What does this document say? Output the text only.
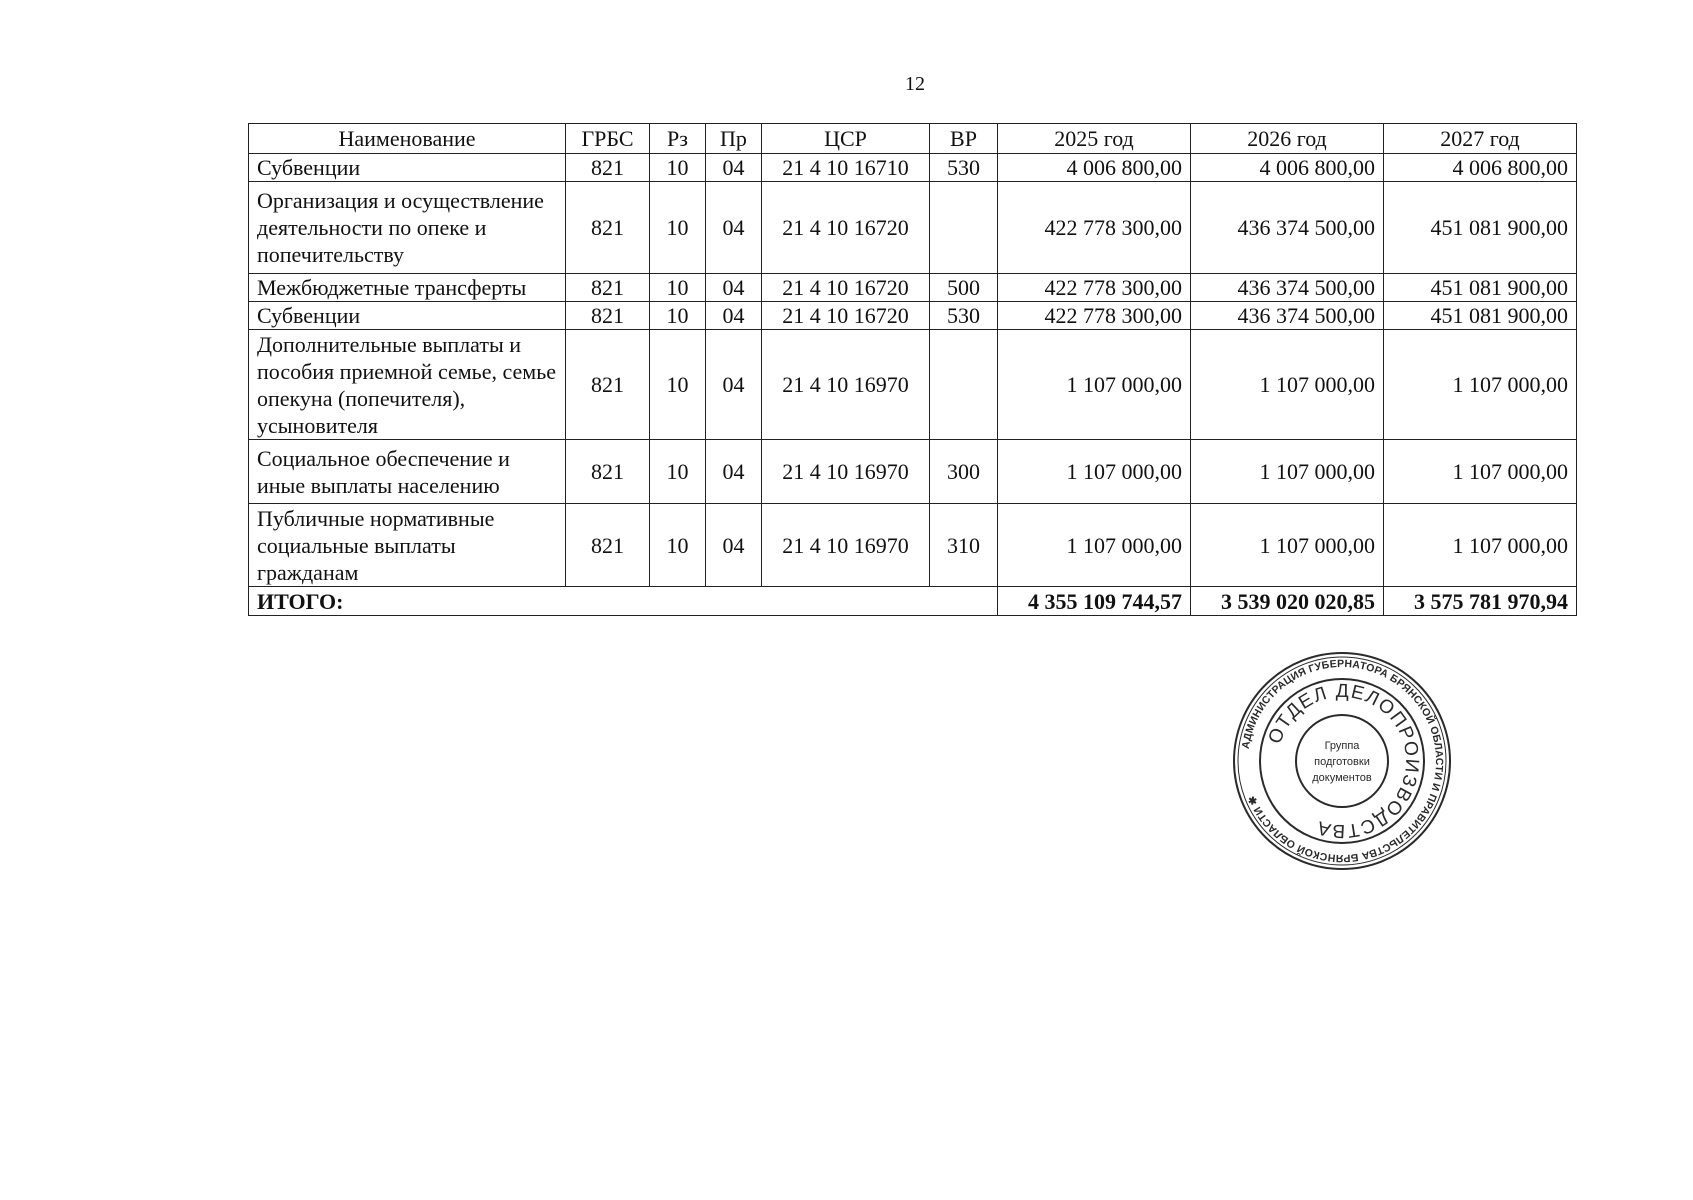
12
Наименование	ГРБС	Рз	Пр	ЦСР	ВР	2025 год	2026 год	2027 год
Субвенции	821	10	04	21 4 10 16710	530	4 006 800,00	4 006 800,00	4 006 800,00
Организация и осуществление деятельности по опеке и попечительству	821	10	04	21 4 10 16720		422 778 300,00	436 374 500,00	451 081 900,00
Межбюджетные трансферты	821	10	04	21 4 10 16720	500	422 778 300,00	436 374 500,00	451 081 900,00
Субвенции	821	10	04	21 4 10 16720	530	422 778 300,00	436 374 500,00	451 081 900,00
Дополнительные выплаты и пособия приемной семье, семье опекуна (попечителя), усыновителя	821	10	04	21 4 10 16970		1 107 000,00	1 107 000,00	1 107 000,00
Социальное обеспечение и иные выплаты населению	821	10	04	21 4 10 16970	300	1 107 000,00	1 107 000,00	1 107 000,00
Публичные нормативные социальные выплаты гражданам	821	10	04	21 4 10 16970	310	1 107 000,00	1 107 000,00	1 107 000,00
ИТОГО:						4 355 109 744,57	3 539 020 020,85	3 575 781 970,94
АДМИНИСТРАЦИЯ ГУБЕРНАТОРА БРЯНСКОЙ ОБЛАСТИ И ПРАВИТЕЛЬСТВА БРЯНСКОЙ ОБЛАСТИ ✱
ОТДЕЛ ДЕЛОПРОИЗВОДСТВА
Группа
подготовки
документов
